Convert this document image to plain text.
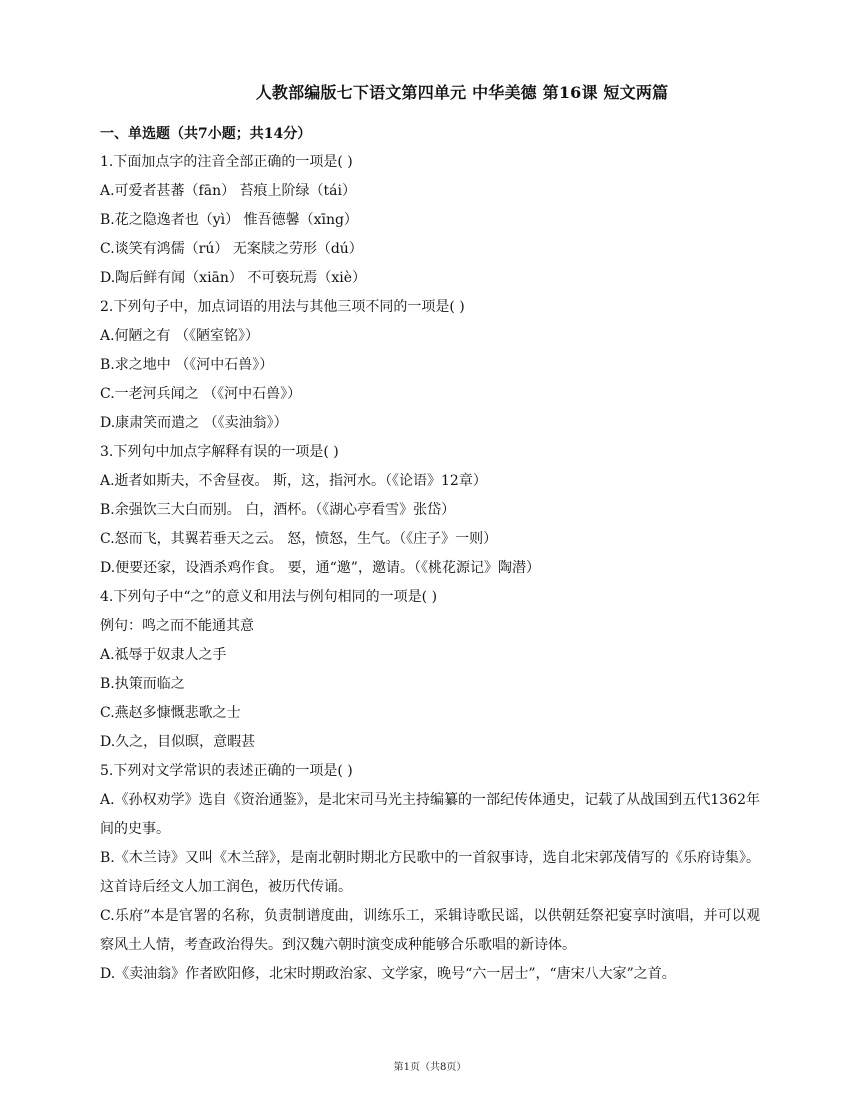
人教部编版七下语文第四单元 中华美德 第16课 短文两篇
一、单选题（共7小题；共14分）
1.下面加点字的注音全部正确的一项是( )
A.可爱者甚蕃（fān） 苔痕上阶绿（tái）
B.花之隐逸者也（yì） 惟吾德馨（xīng）
C.谈笑有鸿儒（rú） 无案牍之劳形（dú）
D.陶后鲜有闻（xiān） 不可亵玩焉（xiè）
2.下列句子中，加点词语的用法与其他三项不同的一项是( )
A.何陋之有 （《陋室铭》）
B.求之地中 （《河中石兽》）
C.一老河兵闻之 （《河中石兽》）
D.康肃笑而遣之 （《卖油翁》）
3.下列句中加点字解释有误的一项是( )
A.逝者如斯夫，不舍昼夜。 斯，这，指河水。（《论语》12章）
B.余强饮三大白而别。 白，酒杯。（《湖心亭看雪》张岱）
C.怒而飞，其翼若垂天之云。 怒，愤怒，生气。（《庄子》一则）
D.便要还家，设酒杀鸡作食。 要，通“邀”，邀请。（《桃花源记》陶潜）
4.下列句子中“之”的意义和用法与例句相同的一项是( )
例句：鸣之而不能通其意
A.祗辱于奴隶人之手
B.执策而临之
C.燕赵多慷慨悲歌之士
D.久之，目似暝，意暇甚
5.下列对文学常识的表述正确的一项是( )
A.《孙权劝学》选自《资治通鉴》，是北宋司马光主持编纂的一部纪传体通史，记载了从战国到五代1362年间的史事。
B.《木兰诗》又叫《木兰辞》，是南北朝时期北方民歌中的一首叙事诗，选自北宋郭茂倩写的《乐府诗集》。这首诗后经文人加工润色，被历代传诵。
C.乐府”本是官署的名称，负责制谱度曲，训练乐工，采辑诗歌民谣，以供朝廷祭祀宴享时演唱，并可以观察风土人情，考查政治得失。到汉魏六朝时演变成种能够合乐歌唱的新诗体。
D.《卖油翁》作者欧阳修，北宋时期政治家、文学家，晚号“六一居士”，“唐宋八大家”之首。
第1页（共8页）
